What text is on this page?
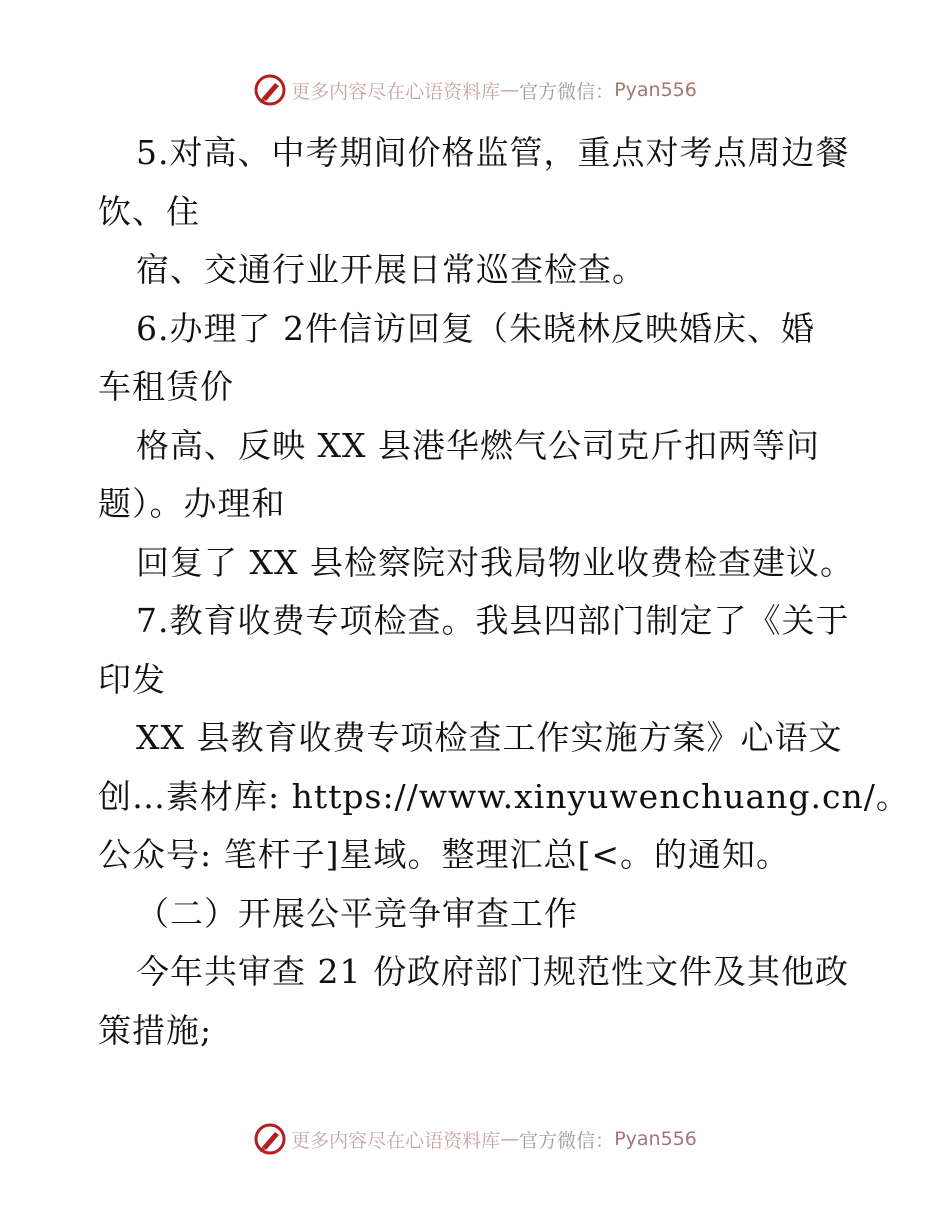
更多内容尽在心语资料库 — 官方微信： Pyan556
5.对高、中考期间价格监管，重点对考点周边餐
饮、住
宿、交通行业开展日常巡查检查。
6.办理了 2件信访回复（朱晓林反映婚庆、婚
车租赁价
格高、反映 XX 县港华燃气公司克斤扣两等问
题）。办理和
回复了 XX 县检察院对我局物业收费检查建议。
7.教育收费专项检查。我县四部门制定了《关于
印发
XX 县教育收费专项检查工作实施方案》心语文
创…素材库: https://www.xinyuwenchuang.cn/。
公众号: 笔杆子]星域。整理汇总[<。的通知。
（二）开展公平竞争审查工作
今年共审查 21 份政府部门规范性文件及其他政
策措施;
更多内容尽在心语资料库 — 官方微信： Pyan556
